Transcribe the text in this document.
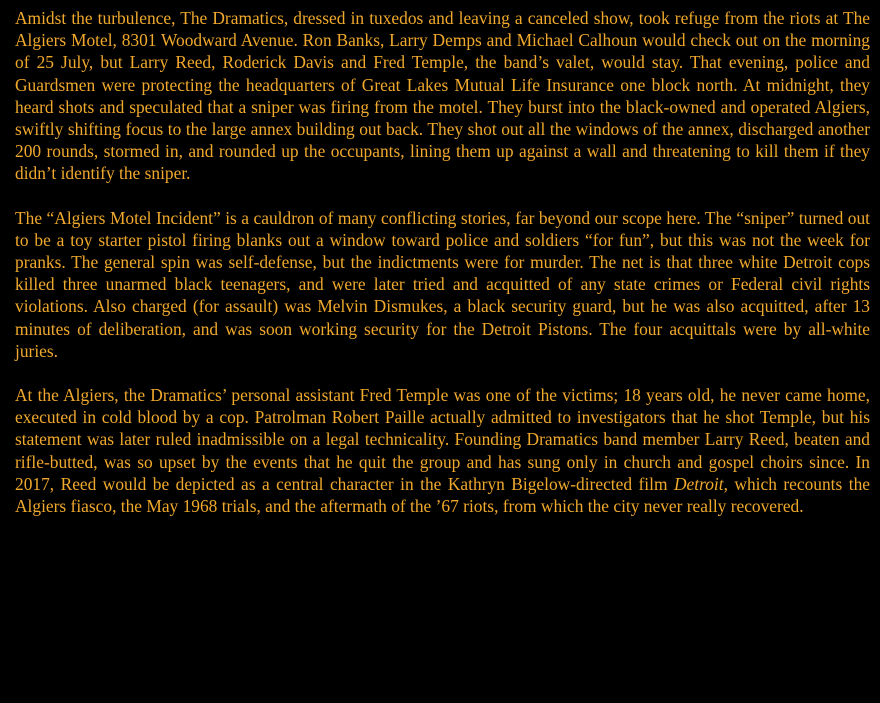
Amidst the turbulence, The Dramatics, dressed in tuxedos and leaving a canceled show, took refuge from the riots at The Algiers Motel, 8301 Woodward Avenue. Ron Banks, Larry Demps and Michael Calhoun would check out on the morning of 25 July, but Larry Reed, Roderick Davis and Fred Temple, the band’s valet, would stay. That evening, police and Guardsmen were protecting the headquarters of Great Lakes Mutual Life Insurance one block north. At midnight, they heard shots and speculated that a sniper was firing from the motel. They burst into the black-owned and operated Algiers, swiftly shifting focus to the large annex building out back. They shot out all the windows of the annex, discharged another 200 rounds, stormed in, and rounded up the occupants, lining them up against a wall and threatening to kill them if they didn’t identify the sniper.

The “Algiers Motel Incident” is a cauldron of many conflicting stories, far beyond our scope here. The “sniper” turned out to be a toy starter pistol firing blanks out a window toward police and soldiers “for fun”, but this was not the week for pranks. The general spin was self-defense, but the indictments were for murder. The net is that three white Detroit cops killed three unarmed black teenagers, and were later tried and acquitted of any state crimes or Federal civil rights violations. Also charged (for assault) was Melvin Dismukes, a black security guard, but he was also acquitted, after 13 minutes of deliberation, and was soon working security for the Detroit Pistons. The four acquittals were by all-white juries.

At the Algiers, the Dramatics’ personal assistant Fred Temple was one of the victims; 18 years old, he never came home, executed in cold blood by a cop. Patrolman Robert Paille actually admitted to investigators that he shot Temple, but his statement was later ruled inadmissible on a legal technicality. Founding Dramatics band member Larry Reed, beaten and rifle-butted, was so upset by the events that he quit the group and has sung only in church and gospel choirs since. In 2017, Reed would be depicted as a central character in the Kathryn Bigelow-directed film Detroit, which recounts the Algiers fiasco, the May 1968 trials, and the aftermath of the ’67 riots, from which the city never really recovered.
